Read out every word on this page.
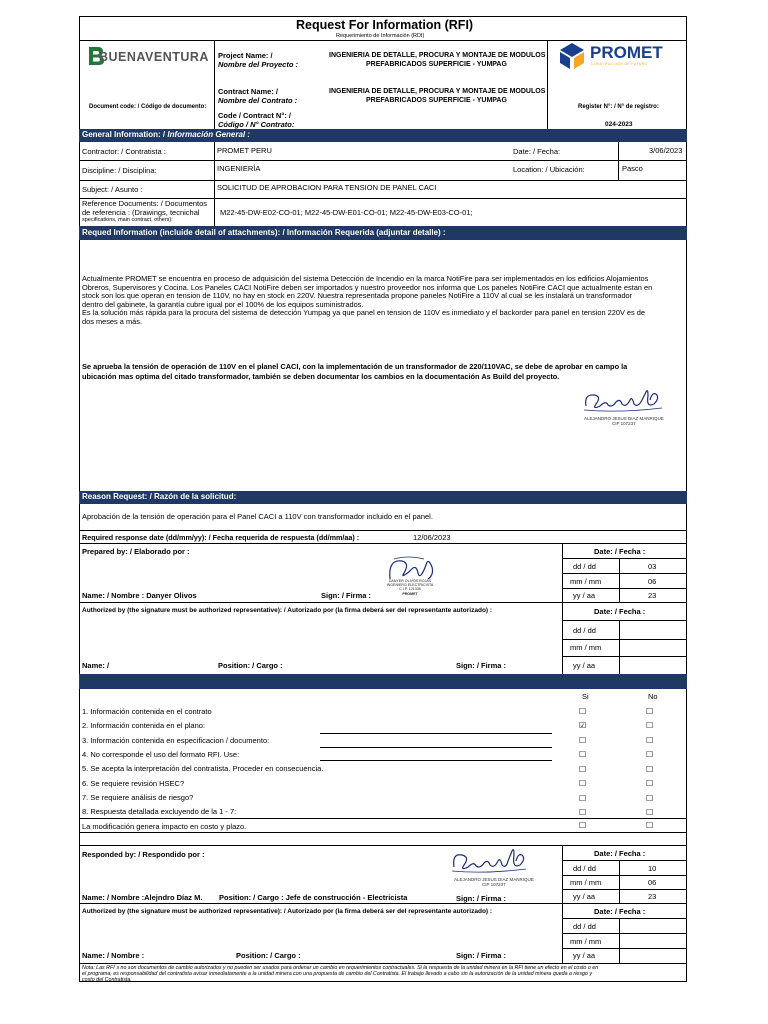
Request For Information (RFI)
Requerimiento de Información (RDI)
BUENAVENTURA	PROMET
CONSTRUCCIÓN DE FUTURO
Project Name: /
Nombre del Proyecto :
INGENIERIA DE DETALLE, PROCURA Y MONTAJE DE MODULOS
PREFABRICADOS SUPERFICIE - YUMPAG
Contract Name: /
Nombre del Contrato :
INGENIERIA DE DETALLE, PROCURA Y MONTAJE DE MODULOS
PREFABRICADOS SUPERFICIE - YUMPAG
Document code: / Código de documento:
Code / Contract N°: /
Código / N° Contrato:
Register N°: / N° de registro:
024-2023
General Information: / Información General :
Contractor: / Contratista :	PROMET PERU	Date: / Fecha:	3/06/2023
Discipline: / Disciplina:	INGENIERÍA	Location: / Ubicación:	Pasco
Subject: / Asunto :	SOLICITUD DE APROBACION PARA TENSION DE PANEL CACI
Reference Documents: / Documentos
de referencia : (Drawings, tecnichal
specifications, main contract, others):
M22-45-DW-E02-CO-01; M22-45-DW-E01-CO-01; M22-45-DW-E03-CO-01;
Requed Information (incluide detail of attachments): / Información Requerida (adjuntar detalle) :
Actualmente PROMET se encuentra en proceso de adquisición del sistema Detección de Incendio en la marca NotiFire para ser implementados en los edificios Alojamientos
Obreros, Supervisores y Cocina. Los Paneles CACI NotiFire deben ser importados y nuestro proveedor nos informa que Los paneles NotiFire CACI que actualmente estan en
stock son los que operan en tension de 110V, no hay en stock en 220V. Nuestra representada propone paneles NotiFire a 110V al cual se les instalará un transformador
dentro del gabinete, la garantía cubre igual por el 100% de los equipos suministrados.
Es la solución más rápida para la procura del sistema de detección Yumpag ya que panel en tension de 110V es inmediato y el backorder para panel en tension 220V es de
dos meses a más.
Se aprueba la tensión de operación de 110V en el planel CACI, con la implementación de un transformador de 220/110VAC, se debe de aprobar en campo la
ubicación mas optima del citado transformador, también se deben documentar los cambios en la documentación As Build del proyecto.
ALEJANDRO JESUS DIAZ MANRIQUE
CIP 107237
Reason Request: / Razón de la solicitud:
Aprobación de la tensión de operación para el Panel CACI a 110V con transformador incluido en el panel.
Required response date (dd/mm/yy): / Fecha requerida de respuesta (dd/mm/aa) :	12/06/2023
Prepared by: / Elaborado por :	Date: / Fecha :
dd / dd	03
mm / mm	06
yy / aa	23
Name: / Nombre : Danyer Olivos	Sign: / Firma :
DANYER OLIVOS ROJAS
INGENIERO ELECTRICISTA
C.I.P. 121336
PROMET
Authorized by (the signature must be authorized representative): / Autorizado por (la firma deberá ser del representante autorizado) :	Date: / Fecha :
dd / dd
mm / mm
yy / aa
Name: /	Position: / Cargo :	Sign: / Firma :
Si	No
1. Información contenida en el contrato	☐	☐
2. Información contenida en el plano:	☑	☐
3. Información contenida en especificacion / documento:	☐	☐
4. No corresponde el uso del formato RFI. Use:	☐	☐
5. Se acepta la interpretación del contratista. Proceder en consecuencia.	☐	☐
6. Se requiere revisión HSEC?	☐	☐
7. Se requiere análisis de riesgo?	☐	☐
8. Respuesta detallada excluyendo de la 1 - 7:	☐	☐
La modificación genera impacto en costo y plazo.	☐	☐
Responded by: / Respondido por :	Date: / Fecha :
dd / dd	10
mm / mm	06
yy / aa	23
ALEJANDRO JESUS DIAZ MANRIQUE
CIP 107237
Name: / Nombre :Alejndro Díaz M. Position: / Cargo : Jefe de construcción - Electricista	Sign: / Firma :
Authorized by (the signature must be authorized representative): / Autorizado por (la firma deberá ser del representante autorizado) :	Date: / Fecha :
dd / dd
mm / mm
yy / aa
Name: / Nombre :	Position: / Cargo :	Sign: / Firma :
Nota: Las RFI´s no son documentos de cambio autorizados y no pueden ser usados para ordenar un cambio en requerimientos contractuales. Si la respuesta de la unidad minera en la RFI tiene un efecto en el costo o en
el programa, es responsabilidad del contratista avisar inmediatamente a la unidad minera con una propuesta de cambio del Contratista. El trabajo llevado a cabo sin la autorización de la unidad minera queda a riesgo y
costo del Contratista.
